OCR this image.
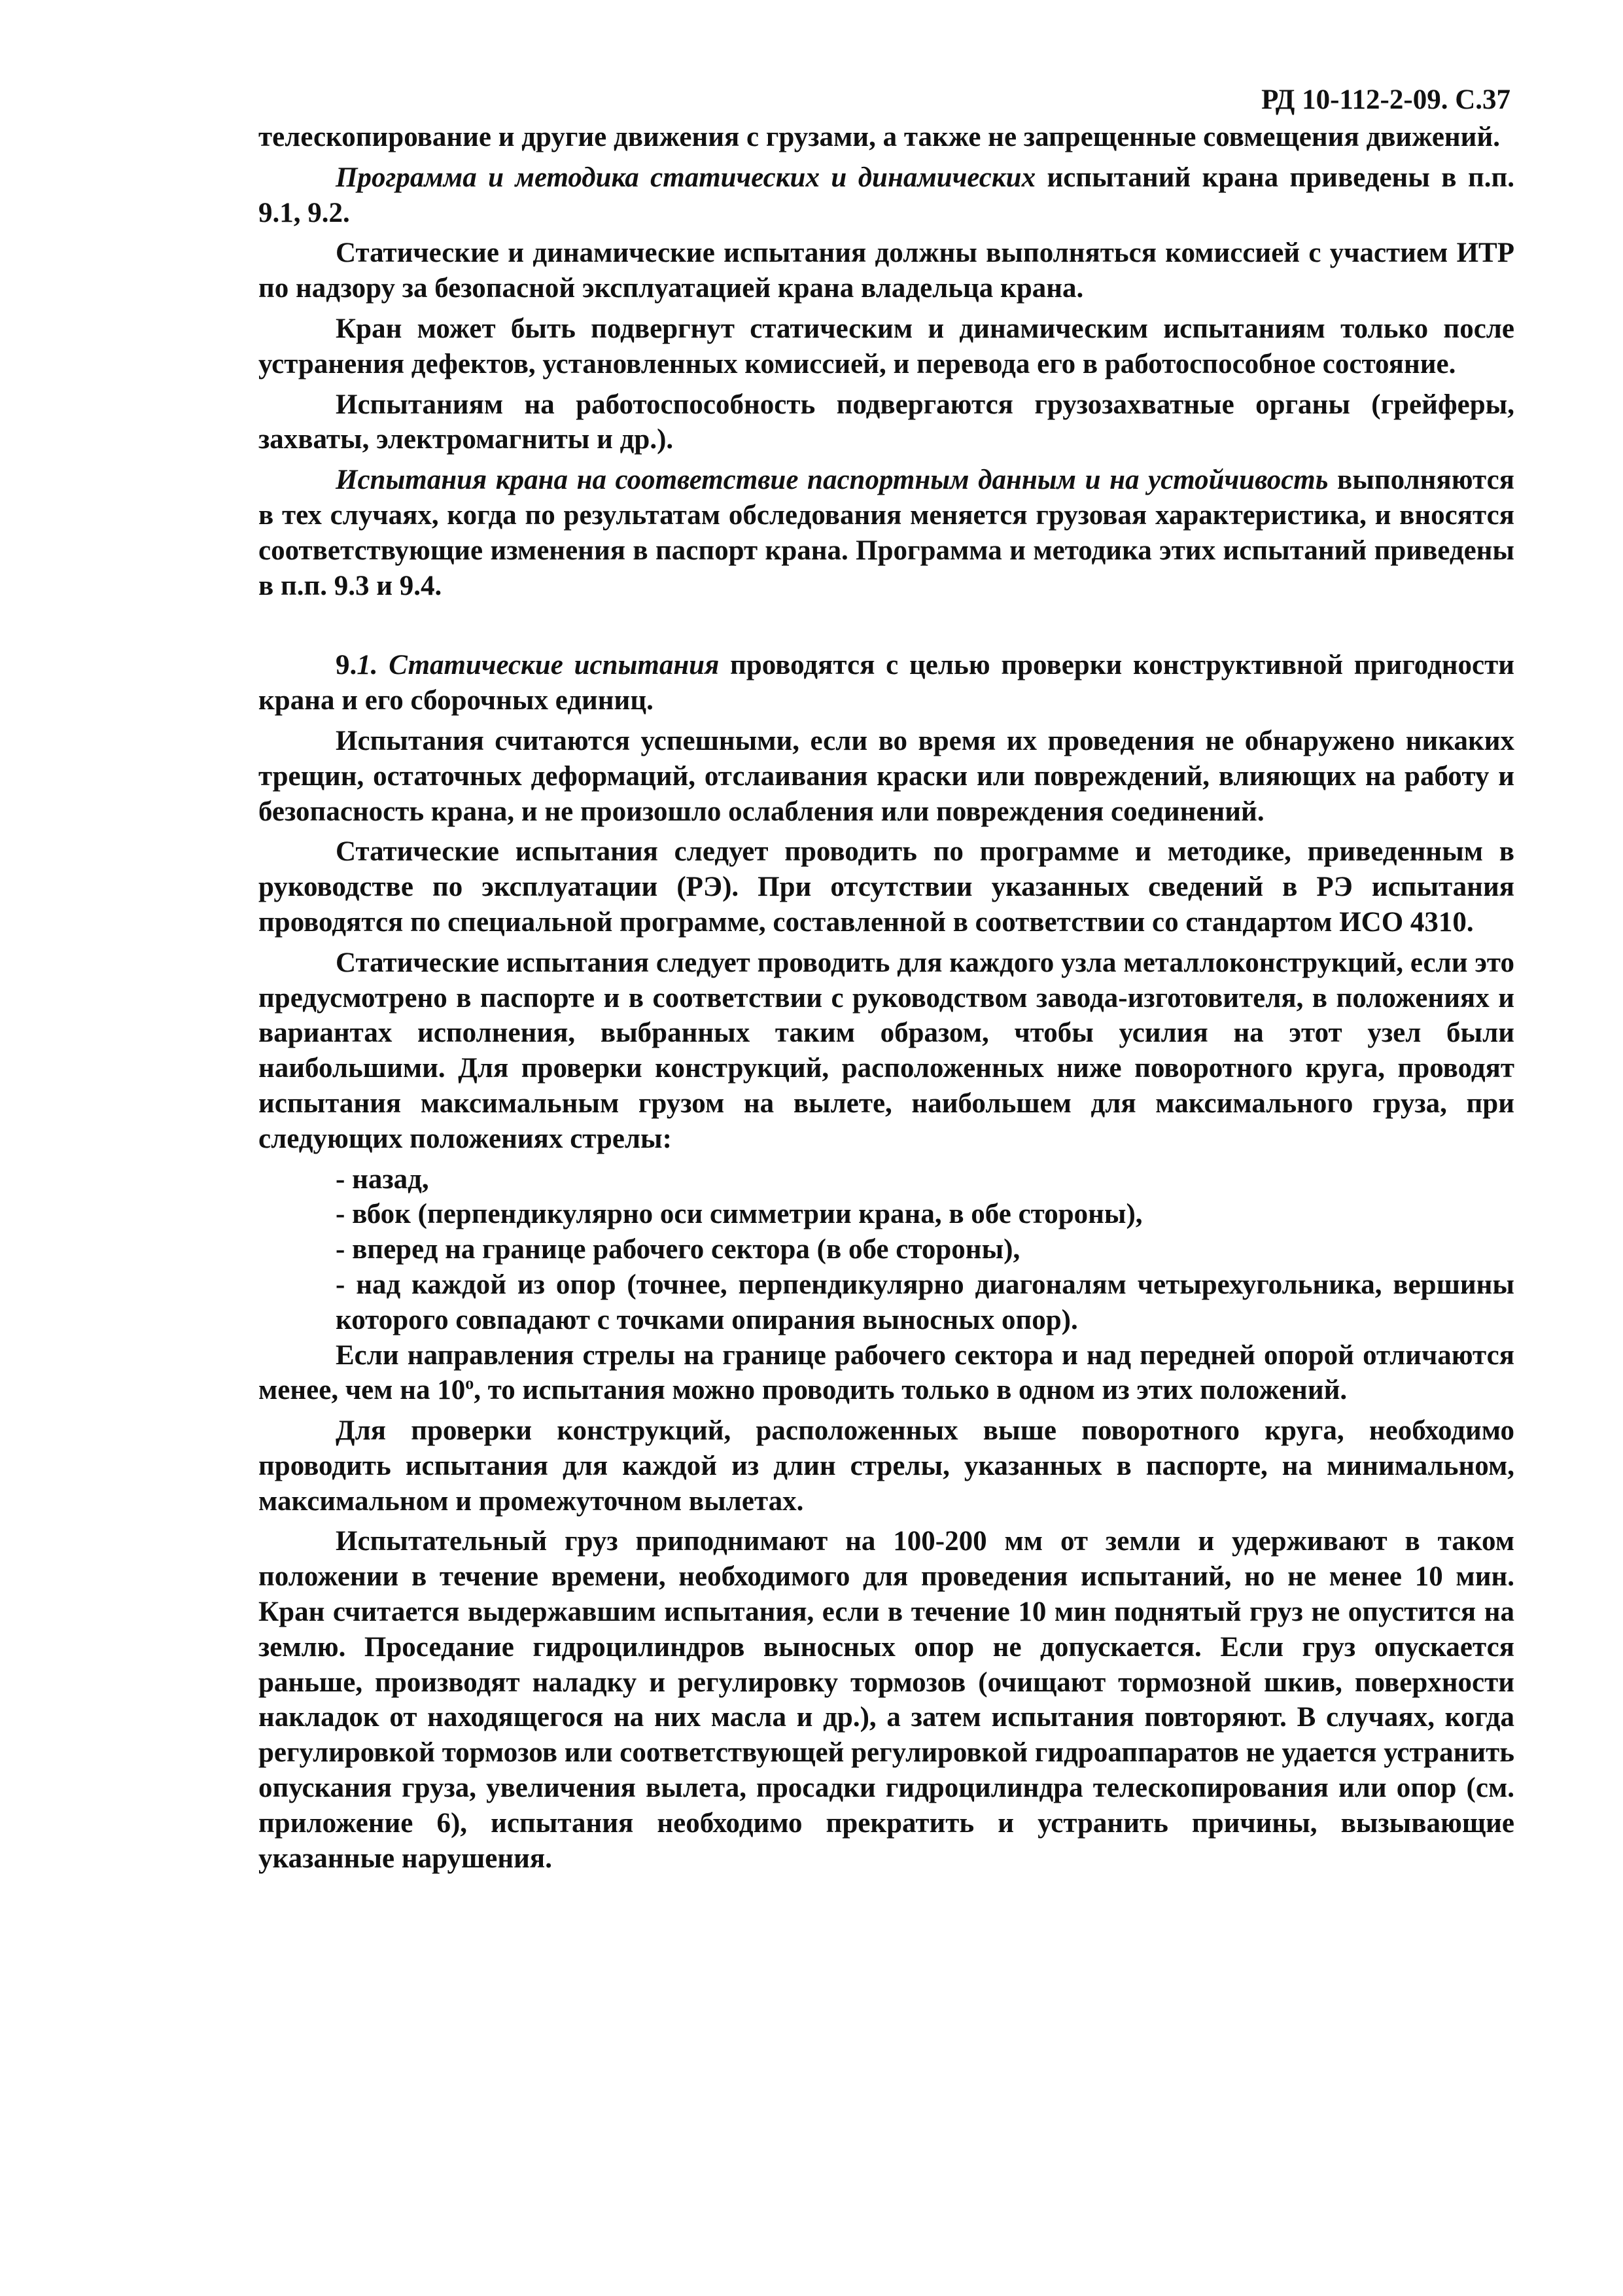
РД 10-112-2-09. С.37

телескопирование и другие движения с грузами, а также не запрещенные совмещения движений.

Программа и методика статических и динамических испытаний крана приведены в п.п. 9.1, 9.2.

Статические и динамические испытания должны выполняться комиссией с участием ИТР по надзору за безопасной эксплуатацией крана владельца крана.

Кран может быть подвергнут статическим и динамическим испытаниям только после устранения дефектов, установленных комиссией, и перевода его в работоспособное состояние.

Испытаниям на работоспособность подвергаются грузозахватные органы (грейферы, захваты, электромагниты и др.).

Испытания крана на соответствие паспортным данным и на устойчивость выполняются в тех случаях, когда по результатам обследования меняется грузовая характеристика, и вносятся соответствующие изменения в паспорт крана. Программа и методика этих испытаний приведены в п.п. 9.3 и 9.4.

9.1. Статические испытания проводятся с целью проверки конструктивной пригодности крана и его сборочных единиц.

Испытания считаются успешными, если во время их проведения не обнаружено никаких трещин, остаточных деформаций, отслаивания краски или повреждений, влияющих на работу и безопасность крана, и не произошло ослабления или повреждения соединений.

Статические испытания следует проводить по программе и методике, приведенным в руководстве по эксплуатации (РЭ). При отсутствии указанных сведений в РЭ испытания проводятся по специальной программе, составленной в соответствии со стандартом ИСО 4310.

Статические испытания следует проводить для каждого узла металлоконструкций, если это предусмотрено в паспорте и в соответствии с руководством завода-изготовителя, в положениях и вариантах исполнения, выбранных таким образом, чтобы усилия на этот узел были наибольшими. Для проверки конструкций, расположенных ниже поворотного круга, проводят испытания максимальным грузом на вылете, наибольшем для максимального груза, при следующих положениях стрелы:

- назад,

- вбок (перпендикулярно оси симметрии крана, в обе стороны),

- вперед на границе рабочего сектора (в обе стороны),

- над каждой из опор (точнее, перпендикулярно диагоналям четырехугольника, вершины которого совпадают с точками опирания выносных опор).

Если направления стрелы на границе рабочего сектора и над передней опорой отличаются менее, чем на 10$^o$, то испытания можно проводить только в одном из этих положений.

Для проверки конструкций, расположенных выше поворотного круга, необходимо проводить испытания для каждой из длин стрелы, указанных в паспорте, на минимальном, максимальном и промежуточном вылетах.

Испытательный груз приподнимают на 100-200 мм от земли и удерживают в таком положении в течение времени, необходимого для проведения испытаний, но не менее 10 мин. Кран считается выдержавшим испытания, если в течение 10 мин поднятый груз не опустится на землю. Проседание гидроцилиндров выносных опор не допускается. Если груз опускается раньше, производят наладку и регулировку тормозов (очищают тормозной шкив, поверхности накладок от находящегося на них масла и др.), а затем испытания повторяют. В случаях, когда регулировкой тормозов или соответствующей регулировкой гидроаппаратов не удается устранить опускания груза, увеличения вылета, просадки гидроцилиндра телескопирования или опор (см. приложение 6), испытания необходимо прекратить и устранить причины, вызывающие указанные нарушения.
